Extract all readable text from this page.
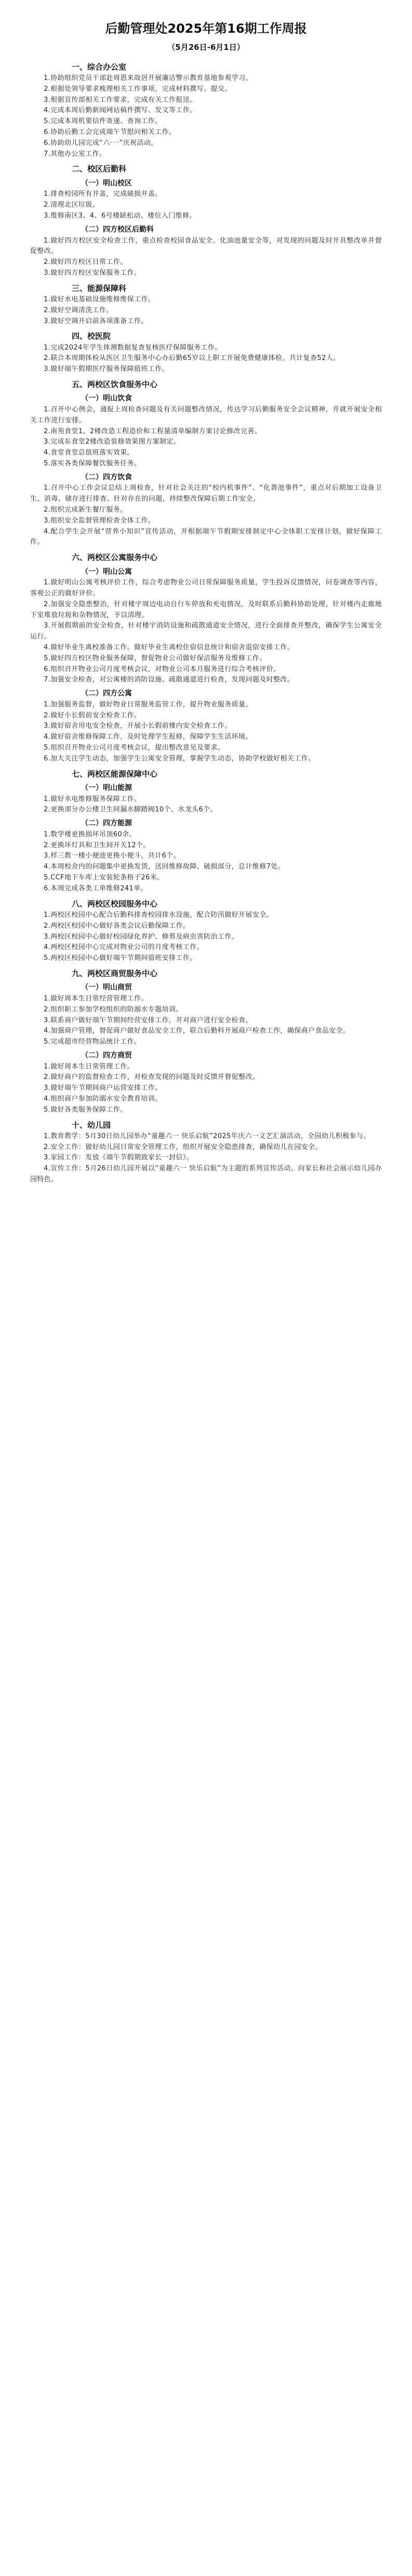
后勤管理处2025年第16期工作周报
（5月26日-6月1日）
一、综合办公室
1.协助组织党员干部赴周恩来故居开展廉洁警示教育基地参观学习。
2.根据处领导要求梳理相关工作事项，完成材料撰写、提交。
3.根据宣传部相关工作要求，完成有关工作报送。
4.完成本周后勤新闻网站稿件撰写、发文等工作。
5.完成本周机要信件寄递、查询工作。
6.协助后勤工会完成端午节慰问相关工作。
6.协助幼儿园完成“六·一”庆祝活动。
7.其他办公室工作。
二、校区后勤科
（一）明山校区
1.排查校园所有井盖，完成破损井盖。
2.清理北区垃圾。
3.维修南区3、4、6号楼缺松动、楼位入门维修。
（二）四方校区后勤科
1.做好四方校区安全检查工作，重点检查校园食品安全、化油池量安全等，对发现的问题及时开具整改单并督促整改。
2.做好四方校区日常工作。
3.做好四方校区安保服务工作。
三、能源保障科
1.做好水电基础设施维修维保工作。
2.做好空调清洗工作。
3.做好空调开启前各项准备工作。
四、校医院
1.完成2024年学生体测数据复查复核医疗保障服务工作。
2.联合本周期体检从医区卫生服务中心办后勤65岁以上职工开展免费健康体检，共计复查52人。
3.做好端午假期医疗服务保障值班工作。
五、两校区饮食服务中心
（一）明山饮食
1.召开中心例会，通报上周检查问题及有关问题整改情况，传达学习后勤服务安全会议精神，并就开展安全相关工作进行安排。
2.南苑食堂1、2楼改造工程造价和工程量清单编制方案讨论修改完善。
3.完成东食堂2楼改造装修效果图方案制定。
4.食堂食堂总值班落实效果。
5.落实各类保障餐饮服务任务。
（二）四方饮食
1.召开中心工作会议总结上周检查，针对社会关注的“校内机事件”、“化粪池事件”，重点对后期加工设备卫生、消毒、储存进行排查、针对存在的问题，持续整改保障后期工作安全。
2.组织完成新生餐厅服务。
3.组织安全监督管理检查全体工作。
4.配合学生会开展“营养小知识”宣传活动，并根据端午节假期安排制定中心全体职工安排计划，做好保障工作。
六、两校区公寓服务中心
（一）明山公寓
1.做好明山公寓考核评价工作，综合考虑物业公司日常保障服务质量，学生投诉反馈情况，问卷调查等内容，客观公正的做好评价。
2.加强安全隐患整治，针对楼宇周边电动自行车停放和充电情况，及时联系后勤科协助处理，针对楼内走廊地下室堆放垃圾和杂物情况，予以清理。
3.开展假期前的安全检查，针对楼宇消防设施和疏散通道安全情况，进行全面排查并整改，确保学生公寓安全运行。
4.做好毕业生离校准备工作。做好毕业生离校住宿信息统计和宿舍退宿安排工作。
5.做好四方校区物业服务保障，督促物业公司做好保洁服务及维修工作。
6.组织召开物业公司月度考核会议，对物业公司本月服务进行综合考核评价。
7.加强安全检查，对公寓楼的消防设施、疏散通道进行检查，发现问题及时整改。
（二）四方公寓
1.加强服务监督，做好物业日常服务监管工作，提升物业服务质量。
2.做好小长假前安全检查工作。
3.做好宿舍用电安全检查，开展小长假前楼内安全检查工作。
4.做好宿舍维修保障工作，及时处理学生报修，保障学生生活环境。
5.组织召开物业公司月度考核会议，提出整改意见及要求。
6.加大关注学生动态，加强学生公寓安全管理，掌握学生动态，协助学校做好相关工作。
七、两校区能源保障中心
（一）明山能源
1.做好水电维修服务保障工作。
2.更换部分办公楼卫生间漏水脚踏阀10个、水龙头6个。
（二）四方能源
1.数学楼更换损坏吊顶60余。
2.更换坏灯具和卫生间开关12个。
3.样三教一楼小便池更换小便斗，共计6个。
4.本周校舍内的问题集中更换发货，送回维修故障、破损部分，总计维修7处。
5.CCF地下车库上安装轮条格子26米。
6.本周完成各类工单维修241单。
八、两校区校园服务中心
1.两校区校园中心配合后勤科排查校园排水设施，配合防汛做好开展安全。
2.两校区校园中心做好各类会议后勤保障工作。
3.两校区校园中心做好校园绿化养护、修剪及病虫害防治工作。
4.两校区校园中心完成对物业公司的月度考核工作。
5.两校区校园中心做好端午节期间值班安排工作。
九、两校区商贸服务中心
（一）明山商贸
1.做好周本生日常经营管理工作。
2.组织职工参加学校组织的防溺水专题培训。
3.联系商户做好端午节期间经营安排工作，并对商户进行安全检查。
4.加强商户管理，督促商户做好食品安全工作，联合后勤科开展商户检查工作，确保商户食品安全。
5.完成超市经营物品统计工作。
（二）四方商贸
1.做好周本生日常管理工作。
2.做好商户的监督检查工作，对检查发现的问题及时反馈并督促整改。
3.做好端午节期间商户运营安排工作。
4.组织商户参加防溺水安全教育培训。
5.做好各类服务保障工作。
十、幼儿园
1.教育教学：5月30日幼儿园举办“童趣六一 快乐启航”2025年庆六一文艺汇演活动，全园幼儿积极参与。
2.安全工作：做好幼儿园日常安全管理工作，组织开展安全隐患排查，确保幼儿在园安全。
3.家园工作：发放《端午节假期致家长一封信》。
4.宣传工作：5月26日幼儿园开展以“童趣六一 快乐启航”为主题的系列宣传活动，向家长和社会展示幼儿园办园特色。
